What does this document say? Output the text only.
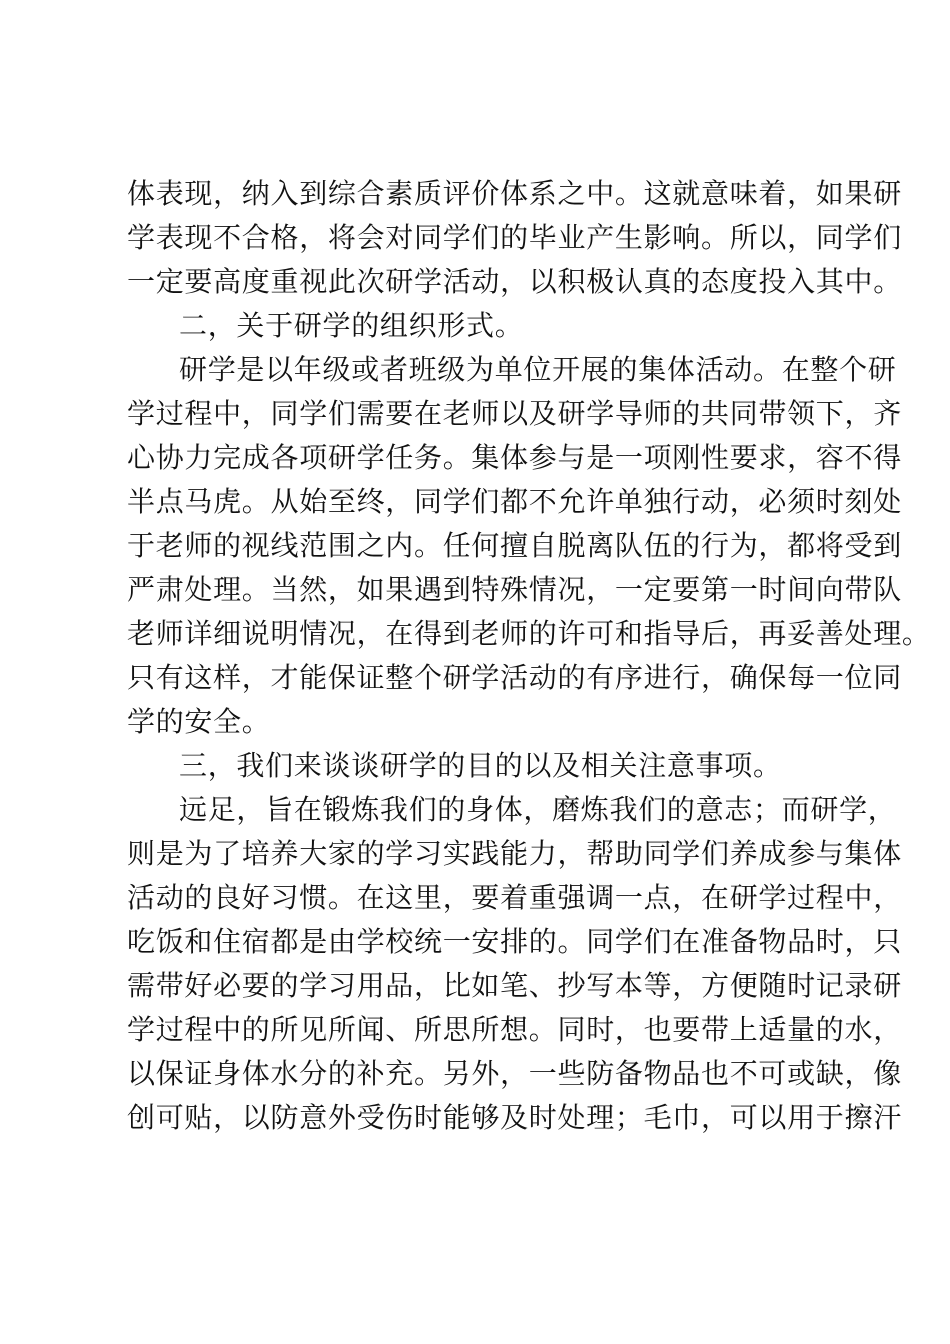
体表现，纳入到综合素质评价体系之中。这就意味着，如果研
学表现不合格，将会对同学们的毕业产生影响。所以，同学们
一定要高度重视此次研学活动，以积极认真的态度投入其中。
二，关于研学的组织形式。
研学是以年级或者班级为单位开展的集体活动。在整个研
学过程中，同学们需要在老师以及研学导师的共同带领下，齐
心协力完成各项研学任务。集体参与是一项刚性要求，容不得
半点马虎。从始至终，同学们都不允许单独行动，必须时刻处
于老师的视线范围之内。任何擅自脱离队伍的行为，都将受到
严肃处理。当然，如果遇到特殊情况，一定要第一时间向带队
老师详细说明情况，在得到老师的许可和指导后，再妥善处理。
只有这样，才能保证整个研学活动的有序进行，确保每一位同
学的安全。
三，我们来谈谈研学的目的以及相关注意事项。
远足，旨在锻炼我们的身体，磨炼我们的意志；而研学，
则是为了培养大家的学习实践能力，帮助同学们养成参与集体
活动的良好习惯。在这里，要着重强调一点，在研学过程中，
吃饭和住宿都是由学校统一安排的。同学们在准备物品时，只
需带好必要的学习用品，比如笔、抄写本等，方便随时记录研
学过程中的所见所闻、所思所想。同时，也要带上适量的水，
以保证身体水分的补充。另外，一些防备物品也不可或缺，像
创可贴，以防意外受伤时能够及时处理；毛巾，可以用于擦汗
